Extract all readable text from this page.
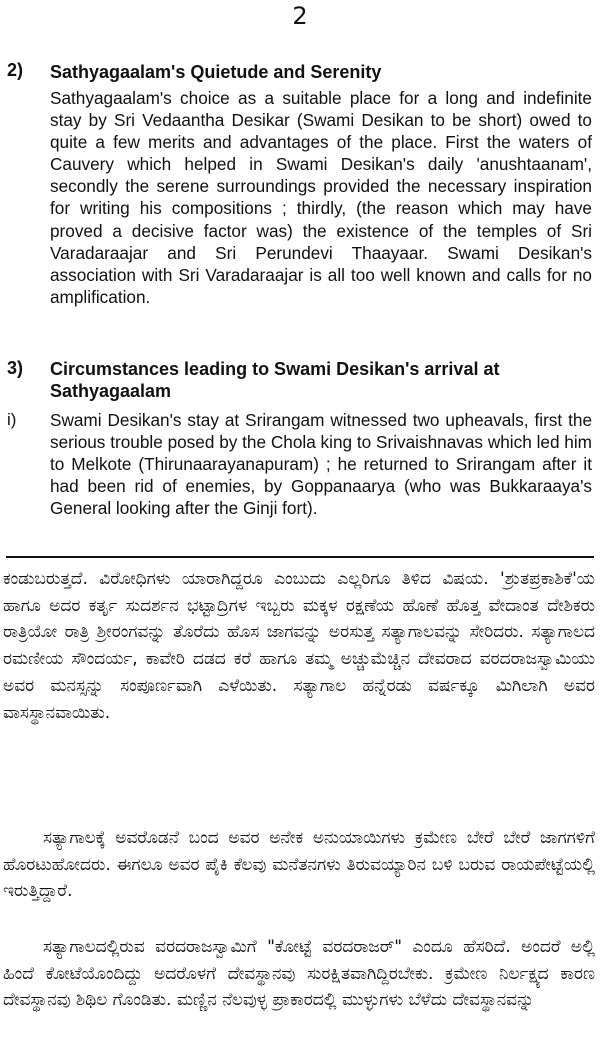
2
2) Sathyagaalam's Quietude and Serenity
Sathyagaalam's choice as a suitable place for a long and indefinite stay by Sri Vedaantha Desikar (Swami Desikan to be short) owed to quite a few merits and advantages of the place. First the waters of Cauvery which helped in Swami Desikan's daily 'anushtaanam', secondly the serene surroundings provided the necessary inspiration for writing his compositions ; thirdly, (the reason which may have proved a decisive factor was) the existence of the temples of Sri Varadaraajar and Sri Perundevi Thaayaar. Swami Desikan's association with Sri Varadaraajar is all too well known and calls for no amplification.
3) Circumstances leading to Swami Desikan's arrival at Sathyagaalam
i) Swami Desikan's stay at Srirangam witnessed two upheavals, first the serious trouble posed by the Chola king to Srivaishnavas which led him to Melkote (Thirunaarayanapuram) ; he returned to Srirangam after it had been rid of enemies, by Goppanaarya (who was Bukkaraaya's General looking after the Ginji fort).
ಕಂಡುಬರುತ್ತದೆ. ವಿರೋಧಿಗಳು ಯಾರಾಗಿದ್ದರೂ ಎಂಬುದು ಎಲ್ಲರಿಗೂ ತಿಳಿದ ವಿಷಯ. 'ಶ್ರುತಪ್ರಕಾಶಿಕೆ'ಯ ಹಾಗೂ ಅದರ ಕರ್ತೃ ಸುದರ್ಶನ ಭಟ್ಟಾದ್ರಿಗಳ ಇಬ್ಬರು ಮಕ್ಕಳ ರಕ್ಷಣೆಯ ಹೊಣೆ ಹೊತ್ತ ವೇದಾಂತ ದೇಶಿಕರು ರಾತ್ರಿಯೋ ರಾತ್ರಿ ಶ್ರೀರಂಗವನ್ನು ತೊರೆದು ಹೊಸ ಜಾಗವನ್ನು ಅರಸುತ್ತ ಸತ್ಯಾಗಾಲವನ್ನು ಸೇರಿದರು. ಸತ್ಯಾಗಾಲದ ರಮಣೀಯ ಸೌಂದರ್ಯ, ಕಾವೇರಿ ದಡದ ಕರೆ ಹಾಗೂ ತಮ್ಮ ಅಚ್ಚುಮೆಚ್ಚಿನ ದೇವರಾದ ವರದರಾಜಸ್ವಾಮಿಯು ಅವರ ಮನಸ್ಸನ್ನು ಸಂಪೂರ್ಣವಾಗಿ ಎಳೆಯಿತು. ಸತ್ಯಾಗಾಲ ಹನ್ನೆರಡು ವರ್ಷಕ್ಕೂ ಮಿಗಿಲಾಗಿ ಅವರ ವಾಸಸ್ಥಾನವಾಯಿತು.
ಸತ್ಯಾಗಾಲಕ್ಕೆ ಅವರೊಡನೆ ಬಂದ ಅವರ ಅನೇಕ ಅನುಯಾಯಿಗಳು ಕ್ರಮೇಣ ಬೇರೆ ಬೇರೆ ಜಾಗಗಳಿಗೆ ಹೊರಟುಹೋದರು. ಈಗಲೂ ಅವರ ಪೈಕಿ ಕೆಲವು ಮನೆತನಗಳು ತಿರುವಯ್ಯಾರಿನ ಬಳಿ ಬರುವ ರಾಯಪೇಟ್ಟೆಯಲ್ಲಿ ಇರುತ್ತಿದ್ದಾರೆ.
ಸತ್ಯಾಗಾಲದಲ್ಲಿರುವ ವರದರಾಜಸ್ವಾಮಿಗೆ "ಕೋಟ್ಟೆ ವರದರಾಜರ್" ಎಂದೂ ಹೆಸರಿದೆ. ಅಂದರೆ ಅಲ್ಲಿ ಹಿಂದೆ ಕೋಟೆಯೊಂದಿದ್ದು ಅದರೊಳಗೆ ದೇವಸ್ಥಾನವು ಸುರಕ್ಷಿತವಾಗಿದ್ದಿರಬೇಕು. ಕ್ರಮೇಣ ನಿರ್ಲಕ್ಷ್ಯದ ಕಾರಣ ದೇವಸ್ಥಾನವು ಶಿಥಿಲ ಗೊಂಡಿತು. ಮಣ್ಣಿನ ನೆಲವುಳ್ಳ ಪ್ರಾಕಾರದಲ್ಲಿ ಮುಳ್ಳುಗಳು ಬೆಳೆದು ದೇವಸ್ಥಾನವನ್ನು
